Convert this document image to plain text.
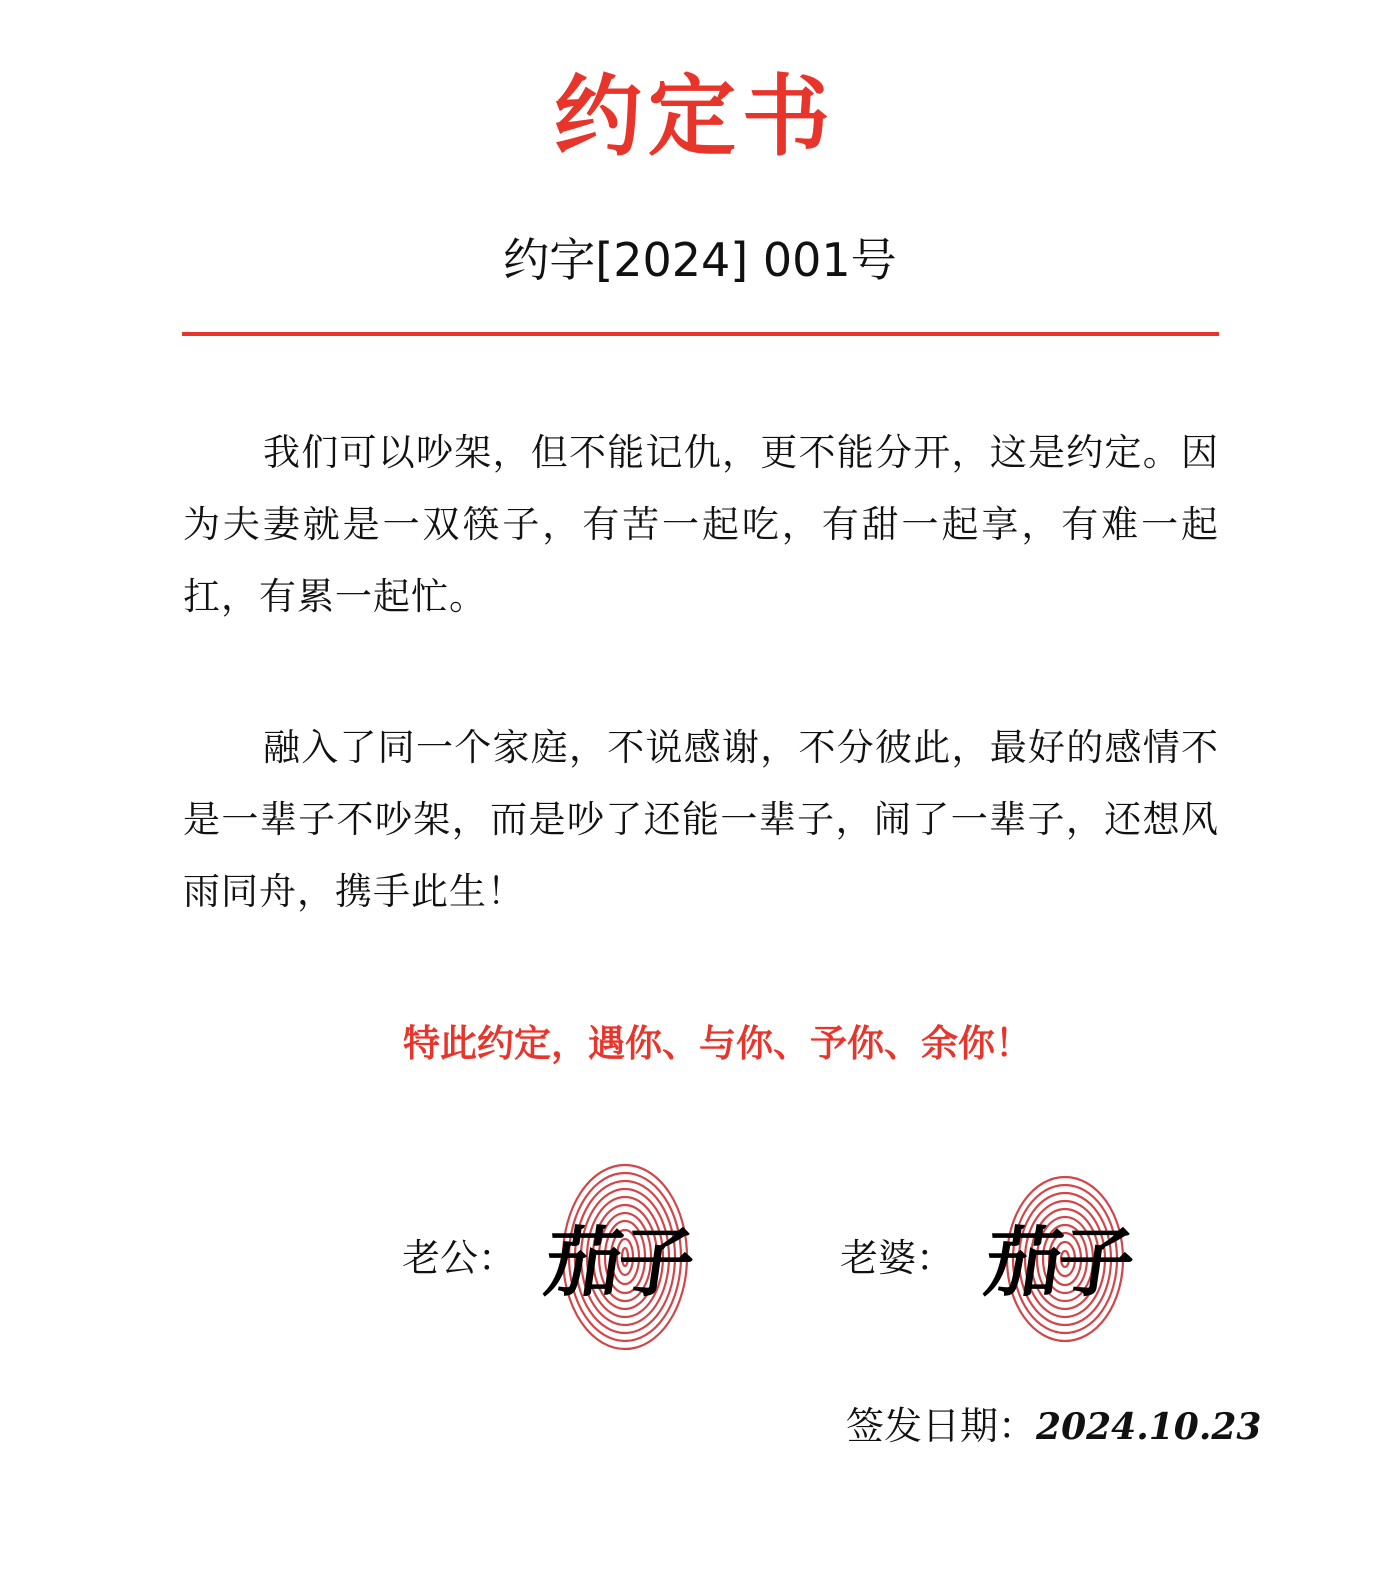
约定书
约字[2024] 001号
我们可以吵架，但不能记仇，更不能分开，这是约定。因为夫妻就是一双筷子，有苦一起吃，有甜一起享，有难一起扛，有累一起忙。
融入了同一个家庭，不说感谢，不分彼此，最好的感情不是一辈子不吵架，而是吵了还能一辈子，闹了一辈子，还想风雨同舟，携手此生！
特此约定，遇你、与你、予你、余你！
老公： 茄子	老婆： 茄子
签发日期：2024.10.23
